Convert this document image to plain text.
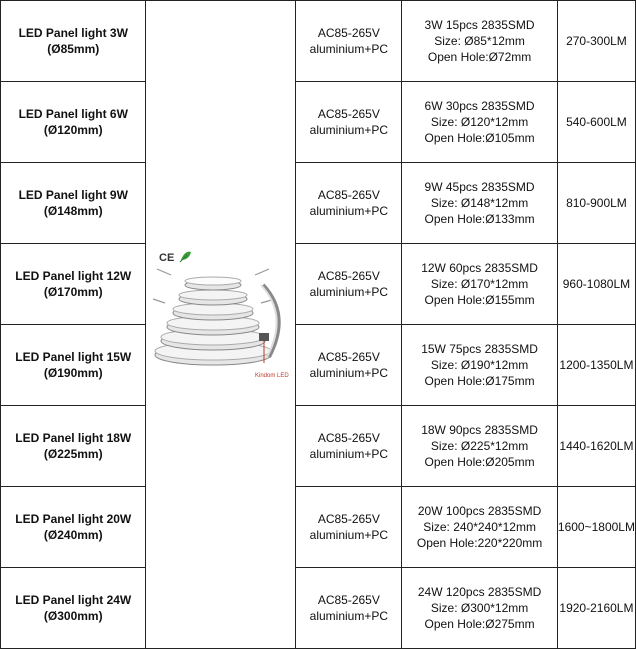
LED Panel light 3W
(Ø85mm)	CE
Kindom LED	AC85-265V
aluminium+PC	3W 15pcs 2835SMD
Size: Ø85*12mm
Open Hole:Ø72mm	270-300LM

LED Panel light 6W
(Ø120mm)		AC85-265V
aluminium+PC	6W 30pcs 2835SMD
Size: Ø120*12mm
Open Hole:Ø105mm	540-600LM

LED Panel light 9W
(Ø148mm)		AC85-265V
aluminium+PC	9W 45pcs 2835SMD
Size: Ø148*12mm
Open Hole:Ø133mm	810-900LM

LED Panel light 12W
(Ø170mm)		AC85-265V
aluminium+PC	12W 60pcs 2835SMD
Size: Ø170*12mm
Open Hole:Ø155mm	960-1080LM

LED Panel light 15W
(Ø190mm)		AC85-265V
aluminium+PC	15W 75pcs 2835SMD
Size: Ø190*12mm
Open Hole:Ø175mm	1200-1350LM

LED Panel light 18W
(Ø225mm)		AC85-265V
aluminium+PC	18W 90pcs 2835SMD
Size: Ø225*12mm
Open Hole:Ø205mm	1440-1620LM

LED Panel light 20W
(Ø240mm)		AC85-265V
aluminium+PC	20W 100pcs 2835SMD
Size: 240*240*12mm
Open Hole:220*220mm	1600~1800LM

LED Panel light 24W
(Ø300mm)		AC85-265V
aluminium+PC	24W 120pcs 2835SMD
Size: Ø300*12mm
Open Hole:Ø275mm	1920-2160LM
